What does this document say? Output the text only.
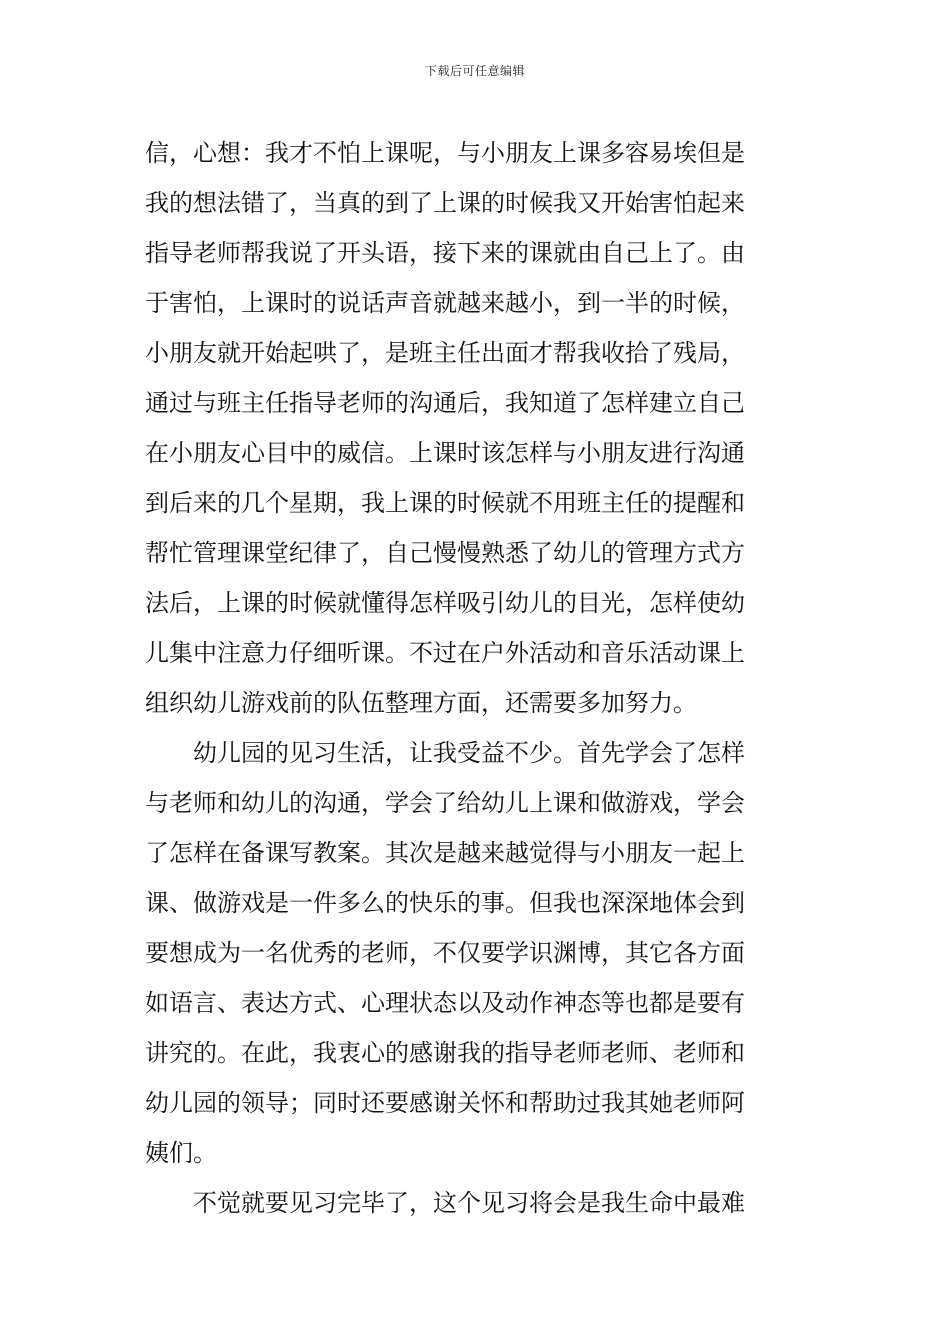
下载后可任意编辑
信，心想：我才不怕上课呢，与小朋友上课多容易埃但是
我的想法错了，当真的到了上课的时候我又开始害怕起来
指导老师帮我说了开头语，接下来的课就由自己上了。由
于害怕，上课时的说话声音就越来越小，到一半的时候，
小朋友就开始起哄了，是班主任出面才帮我收拾了残局，
通过与班主任指导老师的沟通后，我知道了怎样建立自己
在小朋友心目中的威信。上课时该怎样与小朋友进行沟通
到后来的几个星期，我上课的时候就不用班主任的提醒和
帮忙管理课堂纪律了，自己慢慢熟悉了幼儿的管理方式方
法后，上课的时候就懂得怎样吸引幼儿的目光，怎样使幼
儿集中注意力仔细听课。不过在户外活动和音乐活动课上
组织幼儿游戏前的队伍整理方面，还需要多加努力。
幼儿园的见习生活，让我受益不少。首先学会了怎样
与老师和幼儿的沟通，学会了给幼儿上课和做游戏，学会
了怎样在备课写教案。其次是越来越觉得与小朋友一起上
课、做游戏是一件多么的快乐的事。但我也深深地体会到
要想成为一名优秀的老师，不仅要学识渊博，其它各方面
如语言、表达方式、心理状态以及动作神态等也都是要有
讲究的。在此，我衷心的感谢我的指导老师老师、老师和
幼儿园的领导；同时还要感谢关怀和帮助过我其她老师阿
姨们。
不觉就要见习完毕了，这个见习将会是我生命中最难
